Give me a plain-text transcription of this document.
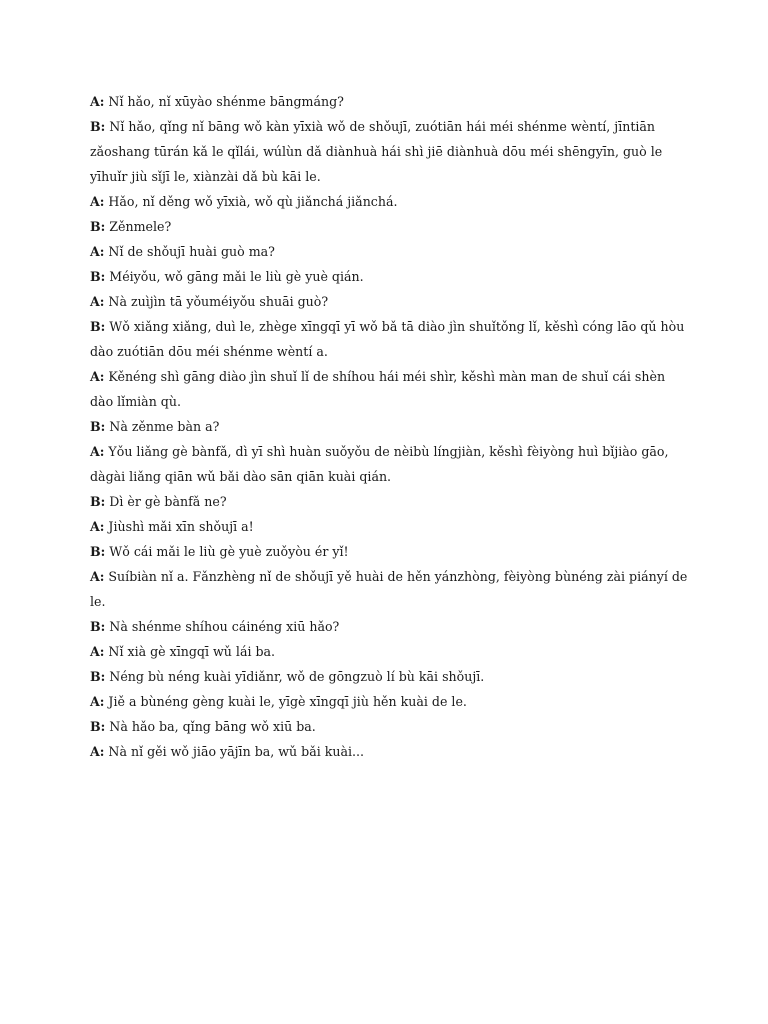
A: Nǐ hǎo, nǐ xūyào shénme bāngmáng?

B: Nǐ hǎo, qǐng nǐ bāng wǒ kàn yīxià wǒ de shǒujī, zuótiān hái méi shénme wèntí, jīntiān zǎoshang tūrán kǎ le qǐlái, wúlùn dǎ diànhuà hái shì jiē diànhuà dōu méi shēngyīn, guò le yīhuǐr jiù sǐjī le, xiànzài dǎ bù kāi le.

A: Hǎo, nǐ děng wǒ yīxià, wǒ qù jiǎnchá jiǎnchá.

B: Zěnmele?

A: Nǐ de shǒujī huài guò ma?

B: Méiyǒu, wǒ gāng mǎi le liù gè yuè qián.

A: Nà zuìjìn tā yǒuméiyǒu shuāi guò?

B: Wǒ xiǎng xiǎng, duì le, zhège xīngqī yī wǒ bǎ tā diào jìn shuǐtǒng lǐ, kěshì cóng lāo qǔ hòu dào zuótiān dōu méi shénme wèntí a.

A: Kěnéng shì gāng diào jìn shuǐ lǐ de shíhou hái méi shìr, kěshì màn man de shuǐ cái shèn dào lǐmiàn qù.

B: Nà zěnme bàn a?

A: Yǒu liǎng gè bànfǎ, dì yī shì huàn suǒyǒu de nèibù língjiàn, kěshì fèiyòng huì bǐjiào gāo, dàgài liǎng qiān wǔ bǎi dào sān qiān kuài qián.

B: Dì èr gè bànfǎ ne?

A: Jiùshì mǎi xīn shǒujī a!

B: Wǒ cái mǎi le liù gè yuè zuǒyòu ér yǐ!

A: Suíbiàn nǐ a. Fǎnzhèng nǐ de shǒujī yě huài de hěn yánzhòng, fèiyòng bùnéng zài piányí de le.

B: Nà shénme shíhou cáinéng xiū hǎo?

A: Nǐ xià gè xīngqī wǔ lái ba.

B: Néng bù néng kuài yīdiǎnr, wǒ de gōngzuò lí bù kāi shǒujī.

A: Jiě a bùnéng gèng kuài le, yīgè xīngqī jiù hěn kuài de le.

B: Nà hǎo ba, qǐng bāng wǒ xiū ba.

A: Nà nǐ gěi wǒ jiāo yājīn ba, wǔ bǎi kuài...
